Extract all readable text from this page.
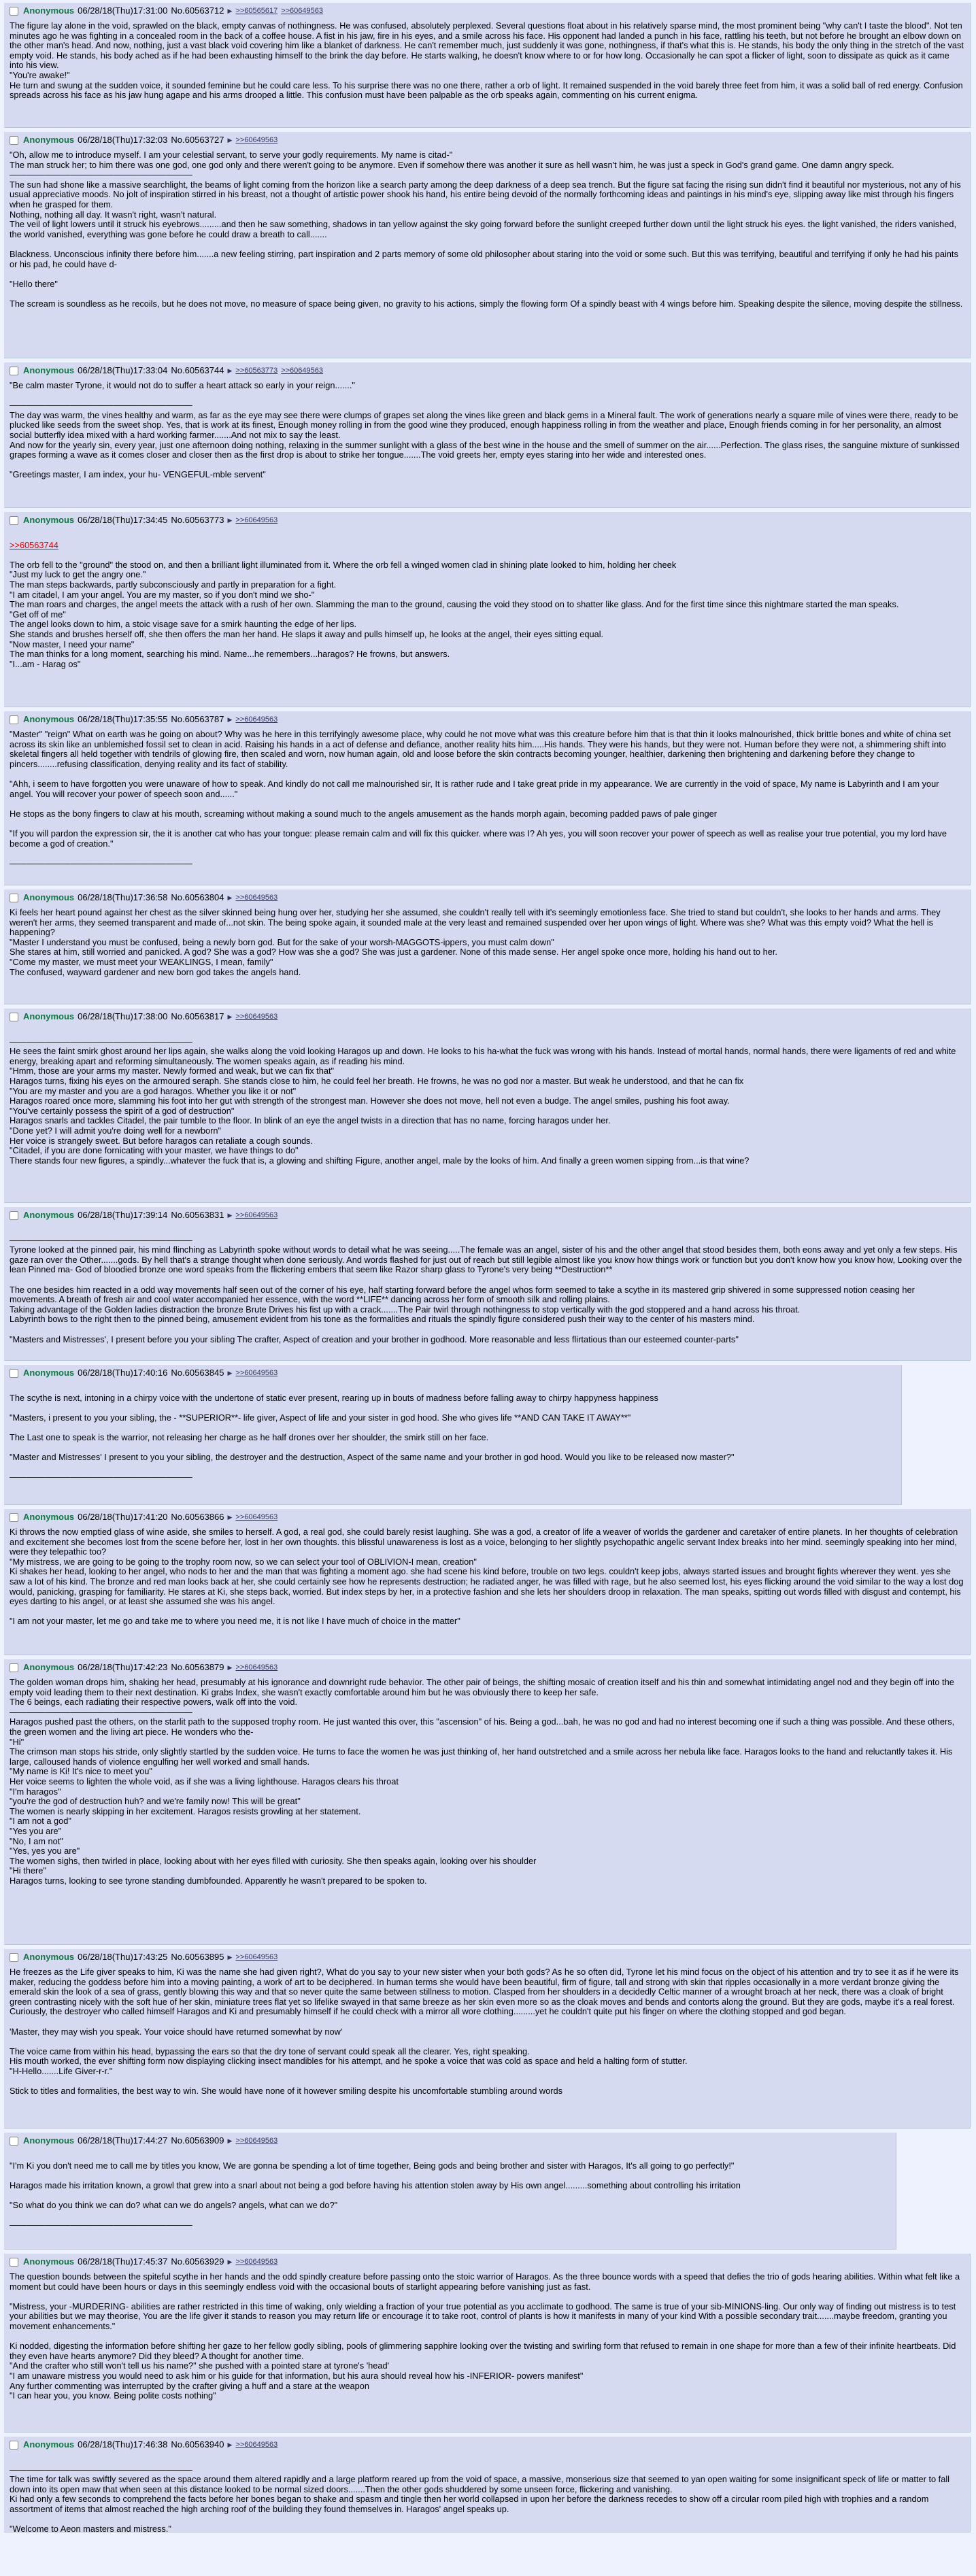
Anonymous 06/28/18(Thu)17:31:00 No.60563712 ▶ >>60565617 >>60649563

The figure lay alone in the void, sprawled on the black, empty canvas of nothingness. He was confused, absolutely perplexed. Several questions float about in his relatively sparse mind, the most prominent being "why can't I taste the blood". Not ten minutes ago he was fighting in a concealed room in the back of a coffee house. A fist in his jaw, fire in his eyes, and a smile across his face. His opponent had landed a punch in his face, rattling his teeth, but not before he brought an elbow down on the other man's head. And now, nothing, just a vast black void covering him like a blanket of darkness. He can't remember much, just suddenly it was gone, nothingness, if that's what this is. He stands, his body the only thing in the stretch of the vast empty void. He stands, his body ached as if he had been exhausting himself to the brink the day before. He starts walking, he doesn't know where to or for how long. Occasionally he can spot a flicker of light, soon to dissipate as quick as it came into his view.

"You're awake!"

He turn and swung at the sudden voice, it sounded feminine but he could care less. To his surprise there was no one there, rather a orb of light. It remained suspended in the void barely three feet from him, it was a solid ball of red energy. Confusion spreads across his face as his jaw hung agape and his arms drooped a little. This confusion must have been palpable as the orb speaks again, commenting on his current enigma.

Anonymous 06/28/18(Thu)17:32:03 No.60563727 ▶ >>60649563

"Oh, allow me to introduce myself. I am your celestial servant, to serve your godly requirements. My name is citad-"

The man struck her; to him there was one god, one god only and there weren't going to be anymore. Even if somehow there was another it sure as hell wasn't him, he was just a speck in God's grand game. One damn angry speck.

—————————————————————

The sun had shone like a massive searchlight, the beams of light coming from the horizon like a search party among the deep darkness of a deep sea trench. But the figure sat facing the rising sun didn't find it beautiful nor mysterious, not any of his usual appreciative moods. No jolt of inspiration stirred in his breast, not a thought of artistic power shook his hand, his entire being devoid of the normally forthcoming ideas and paintings in his mind's eye, slipping away like mist through his fingers when he grasped for them.

Nothing, nothing all day. It wasn't right, wasn't natural.

The veil of light lowers until it struck his eyebrows.........and then he saw something, shadows in tan yellow against the sky going forward before the sunlight creeped further down until the light struck his eyes. the light vanished, the riders vanished, the world vanished, everything was gone before he could draw a breath to call.......

Blackness. Unconscious infinity there before him.......a new feeling stirring, part inspiration and 2 parts memory of some old philosopher about staring into the void or some such. But this was terrifying, beautiful and terrifying if only he had his paints or his pad, he could have d-

"Hello there"

The scream is soundless as he recoils, but he does not move, no measure of space being given, no gravity to his actions, simply the flowing form Of a spindly beast with 4 wings before him. Speaking despite the silence, moving despite the stillness.

Anonymous 06/28/18(Thu)17:33:04 No.60563744 ▶ >>60563773 >>60649563

"Be calm master Tyrone, it would not do to suffer a heart attack so early in your reign......."

—————————————————————

The day was warm, the vines healthy and warm, as far as the eye may see there were clumps of grapes set along the vines like green and black gems in a Mineral fault. The work of generations nearly a square mile of vines were there, ready to be plucked like seeds from the sweet shop. Yes, that is work at its finest, Enough money rolling in from the good wine they produced, enough happiness rolling in from the weather and place, Enough friends coming in for her personality, an almost social butterfly idea mixed with a hard working farmer.......And not mix to say the least.

And now for the yearly sin, every year, just one afternoon doing nothing, relaxing in the summer sunlight with a glass of the best wine in the house and the smell of summer on the air......Perfection. The glass rises, the sanguine mixture of sunkissed grapes forming a wave as it comes closer and closer then as the first drop is about to strike her tongue.......The void greets her, empty eyes staring into her wide and interested ones.

"Greetings master, I am index, your hu- VENGEFUL-mble servent"

Anonymous 06/28/18(Thu)17:34:45 No.60563773 ▶ >>60649563

>>60563744

The orb fell to the "ground" the stood on, and then a brilliant light illuminated from it. Where the orb fell a winged women clad in shining plate looked to him, holding her cheek

"Just my luck to get the angry one."

The man steps backwards, partly subconsciously and partly in preparation for a fight.

"I am citadel, I am your angel. You are my master, so if you don't mind we sho-"

The man roars and charges, the angel meets the attack with a rush of her own. Slamming the man to the ground, causing the void they stood on to shatter like glass. And for the first time since this nightmare started the man speaks.

"Get off of me"

The angel looks down to him, a stoic visage save for a smirk haunting the edge of her lips.

She stands and brushes herself off, she then offers the man her hand. He slaps it away and pulls himself up, he looks at the angel, their eyes sitting equal.

"Now master, I need your name"

The man thinks for a long moment, searching his mind. Name...he remembers...haragos? He frowns, but answers.

"I...am - Harag os"

Anonymous 06/28/18(Thu)17:35:55 No.60563787 ▶ >>60649563

"Master" "reign" What on earth was he going on about? Why was he here in this terrifyingly awesome place, why could he not move what was this creature before him that is that thin it looks malnourished, thick brittle bones and white of china set across its skin like an unblemished fossil set to clean in acid. Raising his hands in a act of defense and defiance, another reality hits him.....His hands. They were his hands, but they were not. Human before they were not, a shimmering shift into skeletal fingers all held together with tendrils of glowing fire, then scaled and worn, now human again, old and loose before the skin contracts becoming younger, healthier, darkening then brightening and darkening before they change to pincers........refusing classification, denying reality and its fact of stability.

"Ahh, i seem to have forgotten you were unaware of how to speak. And kindly do not call me malnourished sir, It is rather rude and I take great pride in my appearance. We are currently in the void of space, My name is Labyrinth and I am your angel. You will recover your power of speech soon and......"

He stops as the bony fingers to claw at his mouth, screaming without making a sound much to the angels amusement as the hands morph again, becoming padded paws of pale ginger

"If you will pardon the expression sir, the it is another cat who has your tongue: please remain calm and will fix this quicker. where was I? Ah yes, you will soon recover your power of speech as well as realise your true potential, you my lord have become a god of creation."

—————————————————————

Anonymous 06/28/18(Thu)17:36:58 No.60563804 ▶ >>60649563

Ki feels her heart pound against her chest as the silver skinned being hung over her, studying her she assumed, she couldn't really tell with it's seemingly emotionless face. She tried to stand but couldn't, she looks to her hands and arms. They weren't her arms, they seemed transparent and made of...not skin. The being spoke again, it sounded male at the very least and remained suspended over her upon wings of light. Where was she? What was this empty void? What the hell is happening?

"Master I understand you must be confused, being a newly born god. But for the sake of your worsh-MAGGOTS-ippers, you must calm down"

She stares at him, still worried and panicked. A god? She was a god? How was she a god? She was just a gardener. None of this made sense. Her angel spoke once more, holding his hand out to her.

"Come my master, we must meet your WEAKLINGS, I mean, family"

The confused, wayward gardener and new born god takes the angels hand.

Anonymous 06/28/18(Thu)17:38:00 No.60563817 ▶ >>60649563

—————————————————————

He sees the faint smirk ghost around her lips again, she walks along the void looking Haragos up and down. He looks to his ha-what the fuck was wrong with his hands. Instead of mortal hands, normal hands, there were ligaments of red and white energy, breaking apart and reforming simultaneously. The women speaks again, as if reading his mind.

"Hmm, those are your arms my master. Newly formed and weak, but we can fix that"

Haragos turns, fixing his eyes on the armoured seraph. She stands close to him, he could feel her breath. He frowns, he was no god nor a master. But weak he understood, and that he can fix

"You are my master and you are a god haragos. Whether you like it or not"

Haragos roared once more, slamming his foot into her gut with strength of the strongest man. However she does not move, hell not even a budge. The angel smiles, pushing his foot away.

"You've certainly possess the spirit of a god of destruction"

Haragos snarls and tackles Citadel, the pair tumble to the floor. In blink of an eye the angel twists in a direction that has no name, forcing haragos under her.

"Done yet? I will admit you're doing well for a newborn"

Her voice is strangely sweet. But before haragos can retaliate a cough sounds.

"Citadel, if you are done fornicating with your master, we have things to do"

There stands four new figures, a spindly...whatever the fuck that is, a glowing and shifting Figure, another angel, male by the looks of him. And finally a green women sipping from...is that wine?

Anonymous 06/28/18(Thu)17:39:14 No.60563831 ▶ >>60649563

—————————————————————

Tyrone looked at the pinned pair, his mind flinching as Labyrinth spoke without words to detail what he was seeing.....The female was an angel, sister of his and the other angel that stood besides them, both eons away and yet only a few steps. His gaze ran over the Other.......gods. By hell that's a strange thought when done seriously. And words flashed for just out of reach but still legible almost like you know how things work or function but you don't know how you know how, Looking over the lean Pinned ma- God of bloodied bronze one word speaks from the flickering embers that seem like Razor sharp glass to Tyrone's very being **Destruction**

The one besides him reacted in a odd way movements half seen out of the corner of his eye, half starting forward before the angel whos form seemed to take a scythe in its mastered grip shivered in some suppressed notion ceasing her movements. A breath of fresh air and cool water accompanied her essence, with the word **LIFE** dancing across her form of smooth silk and rolling plains.

Taking advantage of the Golden ladies distraction the bronze Brute Drives his fist up with a crack.......The Pair twirl through nothingness to stop vertically with the god stoppered and a hand across his throat.

Labyrinth bows to the right then to the pinned being, amusement evident from his tone as the formalities and rituals the spindly figure considered push their way to the center of his masters mind.

"Masters and Mistresses', I present before you your sibling The crafter, Aspect of creation and your brother in godhood. More reasonable and less flirtatious than our esteemed counter-parts"

Anonymous 06/28/18(Thu)17:40:16 No.60563845 ▶ >>60649563

The scythe is next, intoning in a chirpy voice with the undertone of static ever present, rearing up in bouts of madness before falling away to chirpy happyness happiness

"Masters, i present to you your sibling, the - **SUPERIOR**- life giver, Aspect of life and your sister in god hood. She who gives life **AND CAN TAKE IT AWAY**"

The Last one to speak is the warrior, not releasing her charge as he half drones over her shoulder, the smirk still on her face.

"Master and Mistresses' I present to you your sibling, the destroyer and the destruction, Aspect of the same name and your brother in god hood. Would you like to be released now master?"

—————————————————————

Anonymous 06/28/18(Thu)17:41:20 No.60563866 ▶ >>60649563

Ki throws the now emptied glass of wine aside, she smiles to herself. A god, a real god, she could barely resist laughing. She was a god, a creator of life a weaver of worlds the gardener and caretaker of entire planets. In her thoughts of celebration and excitement she becomes lost from the scene before her, lost in her own thoughts. this blissful unawareness is lost as a voice, belonging to her slightly psychopathic angelic servant Index breaks into her mind. seemingly speaking into her mind, were they telepathic too?

"My mistress, we are going to be going to the trophy room now, so we can select your tool of OBLIVION-I mean, creation"

Ki shakes her head, looking to her angel, who nods to her and the man that was fighting a moment ago. she had scene his kind before, trouble on two legs. couldn't keep jobs, always started issues and brought fights wherever they went. yes she saw a lot of his kind. The bronze and red man looks back at her, she could certainly see how he represents destruction; he radiated anger, he was filled with rage, but he also seemed lost, his eyes flicking around the void similar to the way a lost dog would, panicking, grasping for familiarity. He stares at Ki, she steps back, worried. But index steps by her, in a protective fashion and she lets her shoulders droop in relaxation. The man speaks, spitting out words filled with disgust and contempt, his eyes darting to his angel, or at least she assumed she was his angel.

"I am not your master, let me go and take me to where you need me, it is not like I have much of choice in the matter"

Anonymous 06/28/18(Thu)17:42:23 No.60563879 ▶ >>60649563

The golden woman drops him, shaking her head, presumably at his ignorance and downright rude behavior. The other pair of beings, the shifting mosaic of creation itself and his thin and somewhat intimidating angel nod and they begin off into the empty void leading them to their next destination. Ki grabs Index, she wasn't exactly comfortable around him but he was obviously there to keep her safe.

The 6 beings, each radiating their respective powers, walk off into the void.

—————————————————————

Haragos pushed past the others, on the starlit path to the supposed trophy room. He just wanted this over, this "ascension" of his. Being a god...bah, he was no god and had no interest becoming one if such a thing was possible. And these others, the green women and the living art piece. He wonders who the-

"Hi"

The crimson man stops his stride, only slightly startled by the sudden voice. He turns to face the women he was just thinking of, her hand outstretched and a smile across her nebula like face. Haragos looks to the hand and reluctantly takes it. His large, calloused hands of violence engulfing her well worked and small hands.

"My name is Ki! It's nice to meet you"

Her voice seems to lighten the whole void, as if she was a living lighthouse. Haragos clears his throat

"I'm haragos"

"you're the god of destruction huh? and we're family now! This will be great"

The women is nearly skipping in her excitement. Haragos resists growling at her statement.

"I am not a god"

"Yes you are"

"No, I am not"

"Yes, yes you are"

The women sighs, then twirled in place, looking about with her eyes filled with curiosity. She then speaks again, looking over his shoulder

"Hi there"

Haragos turns, looking to see tyrone standing dumbfounded. Apparently he wasn't prepared to be spoken to.

Anonymous 06/28/18(Thu)17:43:25 No.60563895 ▶ >>60649563

He freezes as the Life giver speaks to him, Ki was the name she had given right?, What do you say to your new sister when your both gods? As he so often did, Tyrone let his mind focus on the object of his attention and try to see it as if he were its maker, reducing the goddess before him into a moving painting, a work of art to be deciphered. In human terms she would have been beautiful, firm of figure, tall and strong with skin that ripples occasionally in a more verdant bronze giving the emerald skin the look of a sea of grass, gently blowing this way and that so never quite the same between stillness to motion. Clasped from her shoulders in a decidedly Celtic manner of a wrought broach at her neck, there was a cloak of bright green contrasting nicely with the soft hue of her skin, miniature trees flat yet so lifelike swayed in that same breeze as her skin even more so as the cloak moves and bends and contorts along the ground. But they are gods, maybe it's a real forest. Curiously, the destroyer who called himself Haragos and Ki and presumably himself if he could check with a mirror all wore clothing.........yet he couldn't quite put his finger on where the clothing stopped and god began.

'Master, they may wish you speak. Your voice should have returned somewhat by now'

The voice came from within his head, bypassing the ears so that the dry tone of servant could speak all the clearer. Yes, right speaking.

His mouth worked, the ever shifting form now displaying clicking insect mandibles for his attempt, and he spoke a voice that was cold as space and held a halting form of stutter.

"H-Hello.......Life Giver-r-r."

Stick to titles and formalities, the best way to win. She would have none of it however smiling despite his uncomfortable stumbling around words

Anonymous 06/28/18(Thu)17:44:27 No.60563909 ▶ >>60649563

"I'm Ki you don't need me to call me by titles you know, We are gonna be spending a lot of time together, Being gods and being brother and sister with Haragos, It's all going to go perfectly!"

Haragos made his irritation known, a growl that grew into a snarl about not being a god before having his attention stolen away by His own angel.........something about controlling his irritation

"So what do you think we can do? what can we do angels? angels, what can we do?"

—————————————————————

Anonymous 06/28/18(Thu)17:45:37 No.60563929 ▶ >>60649563

The question bounds between the spiteful scythe in her hands and the odd spindly creature before passing onto the stoic warrior of Haragos. As the three bounce words with a speed that defies the trio of gods hearing abilities. Within what felt like a moment but could have been hours or days in this seemingly endless void with the occasional bouts of starlight appearing before vanishing just as fast.

"Mistress, your -MURDERING- abilities are rather restricted in this time of waking, only wielding a fraction of your true potential as you acclimate to godhood. The same is true of your sib-MINIONS-ling. Our only way of finding out mistress is to test your abilities but we may theorise, You are the life giver it stands to reason you may return life or encourage it to take root, control of plants is how it manifests in many of your kind With a possible secondary trait.......maybe freedom, granting you movement enhancements."

Ki nodded, digesting the information before shifting her gaze to her fellow godly sibling, pools of glimmering sapphire looking over the twisting and swirling form that refused to remain in one shape for more than a few of their infinite heartbeats. Did they even have hearts anymore? Did they bleed? A thought for another time.

"And the crafter who still won't tell us his name?" she pushed with a pointed stare at tyrone's 'head'

"I am unaware mistress you would need to ask him or his guide for that information, but his aura should reveal how his -INFERIOR- powers manifest"

Any further commenting was interrupted by the crafter giving a huff and a stare at the weapon

"I can hear you, you know. Being polite costs nothing"

Anonymous 06/28/18(Thu)17:46:38 No.60563940 ▶ >>60649563

—————————————————————

The time for talk was swiftly severed as the space around them altered rapidly and a large platform reared up from the void of space, a massive, monserious size that seemed to yan open waiting for some insignificant speck of life or matter to fall down into its open maw that when seen at this distance looked to be normal sized doors.......Then the other gods shuddered by some unseen force, flickering and vanishing.

Ki had only a few seconds to comprehend the facts before her bones began to shake and spasm and tingle then her world collapsed in upon her before the darkness recedes to show off a circular room piled high with trophies and a random assortment of items that almost reached the high arching roof of the building they found themselves in. Haragos' angel speaks up.

"Welcome to Aeon masters and mistress."
